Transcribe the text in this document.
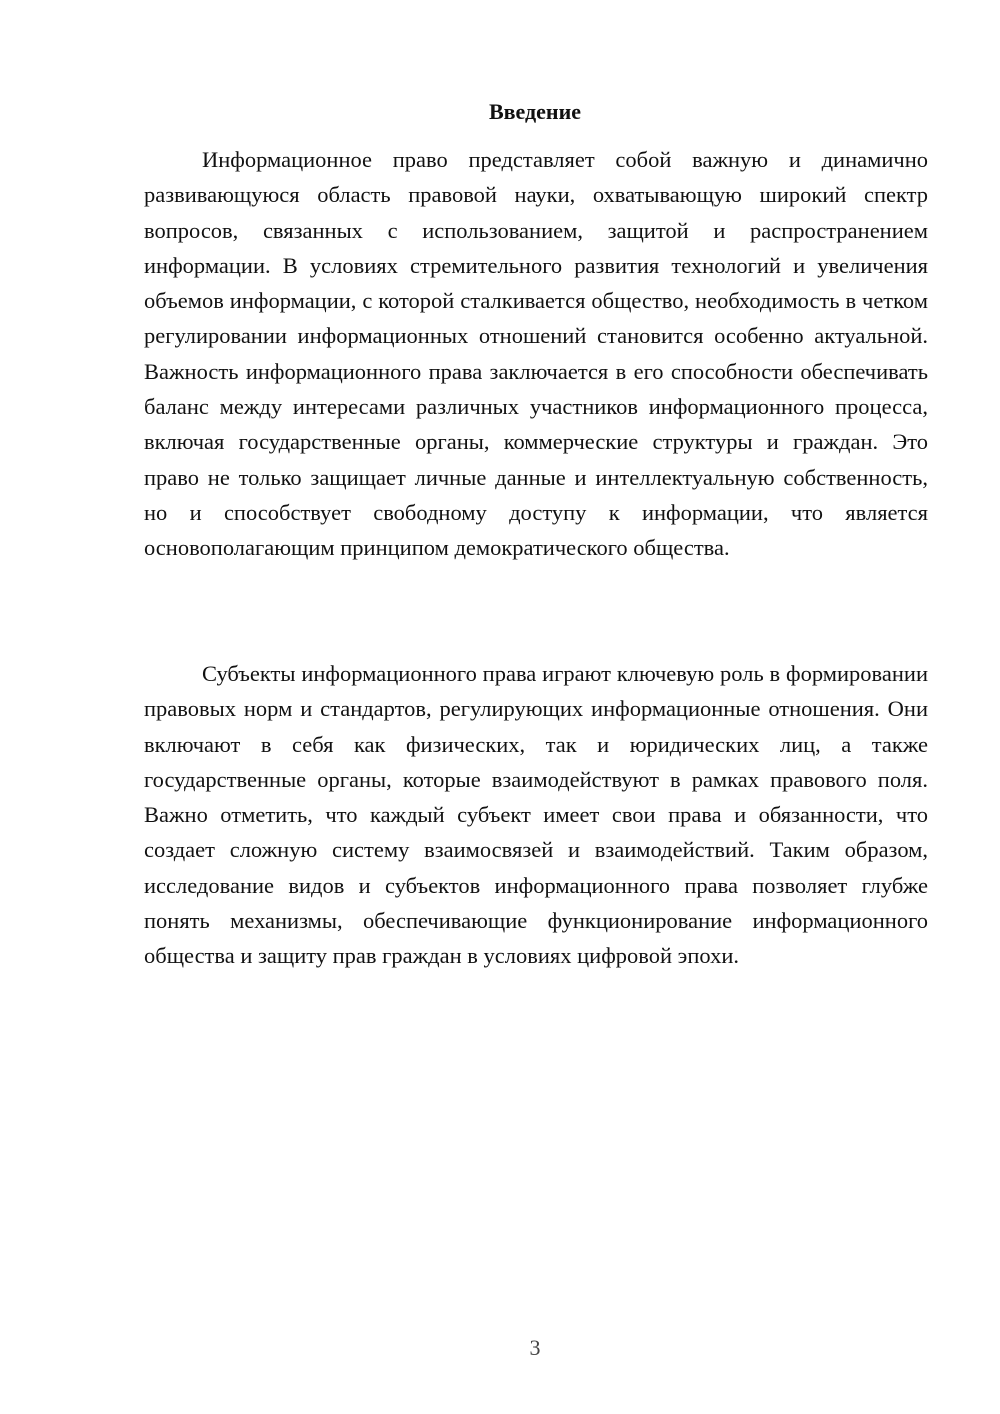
Введение

Информационное право представляет собой важную и динамично развивающуюся область правовой науки, охватывающую широкий спектр вопросов, связанных с использованием, защитой и распространением информации. В условиях стремительного развития технологий и увеличения объемов информации, с которой сталкивается общество, необходимость в четком регулировании информационных отношений становится особенно актуальной. Важность информационного права заключается в его способности обеспечивать баланс между интересами различных участников информационного процесса, включая государственные органы, коммерческие структуры и граждан. Это право не только защищает личные данные и интеллектуальную собственность, но и способствует свободному доступу к информации, что является основополагающим принципом демократического общества.

Субъекты информационного права играют ключевую роль в формировании правовых норм и стандартов, регулирующих информационные отношения. Они включают в себя как физических, так и юридических лиц, а также государственные органы, которые взаимодействуют в рамках правового поля. Важно отметить, что каждый субъект имеет свои права и обязанности, что создает сложную систему взаимосвязей и взаимодействий. Таким образом, исследование видов и субъектов информационного права позволяет глубже понять механизмы, обеспечивающие функционирование информационного общества и защиту прав граждан в условиях цифровой эпохи.

3
